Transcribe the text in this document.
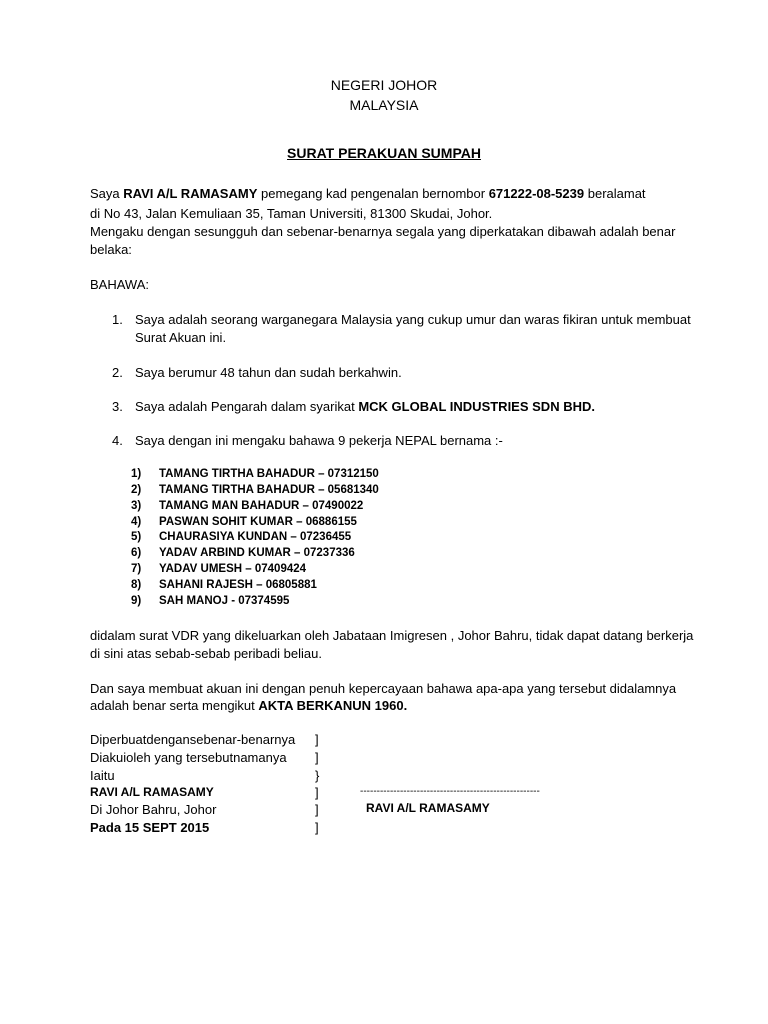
NEGERI JOHOR
MALAYSIA
SURAT PERAKUAN SUMPAH
Saya RAVI A/L RAMASAMY pemegang kad pengenalan bernombor 671222-08-5239 beralamat
di No 43, Jalan Kemuliaan 35, Taman Universiti, 81300 Skudai, Johor.
Mengaku dengan sesungguh dan sebenar-benarnya segala yang diperkatakan dibawah adalah benar
belaka:
BAHAWA:
1. Saya adalah seorang warganegara Malaysia yang cukup umur dan waras fikiran untuk membuat
Surat Akuan ini.
2. Saya berumur 48 tahun dan sudah berkahwin.
3. Saya adalah Pengarah dalam syarikat MCK GLOBAL INDUSTRIES SDN BHD.
4. Saya dengan ini mengaku bahawa 9 pekerja NEPAL bernama :-
1) TAMANG TIRTHA BAHADUR – 07312150
2) TAMANG TIRTHA BAHADUR – 05681340
3) TAMANG MAN BAHADUR – 07490022
4) PASWAN SOHIT KUMAR – 06886155
5) CHAURASIYA KUNDAN – 07236455
6) YADAV ARBIND KUMAR – 07237336
7) YADAV UMESH – 07409424
8) SAHANI RAJESH – 06805881
9) SAH MANOJ - 07374595
didalam surat VDR yang dikeluarkan oleh Jabataan Imigresen , Johor Bahru, tidak dapat datang berkerja
di sini atas sebab-sebab peribadi beliau.
Dan saya membuat akuan ini dengan penuh kepercayaan bahawa apa-apa yang tersebut didalamnya
adalah benar serta mengikut AKTA BERKANUN 1960.
Diperbuatdengansebenar-benarnya ]
Diakuioleh yang tersebutnamanya ]
Iaitu	}
RAVI A/L RAMASAMY	]
Di Johor Bahru, Johor	]
Pada 15 SEPT 2015	]
------------------------------------------------------
RAVI A/L RAMASAMY
